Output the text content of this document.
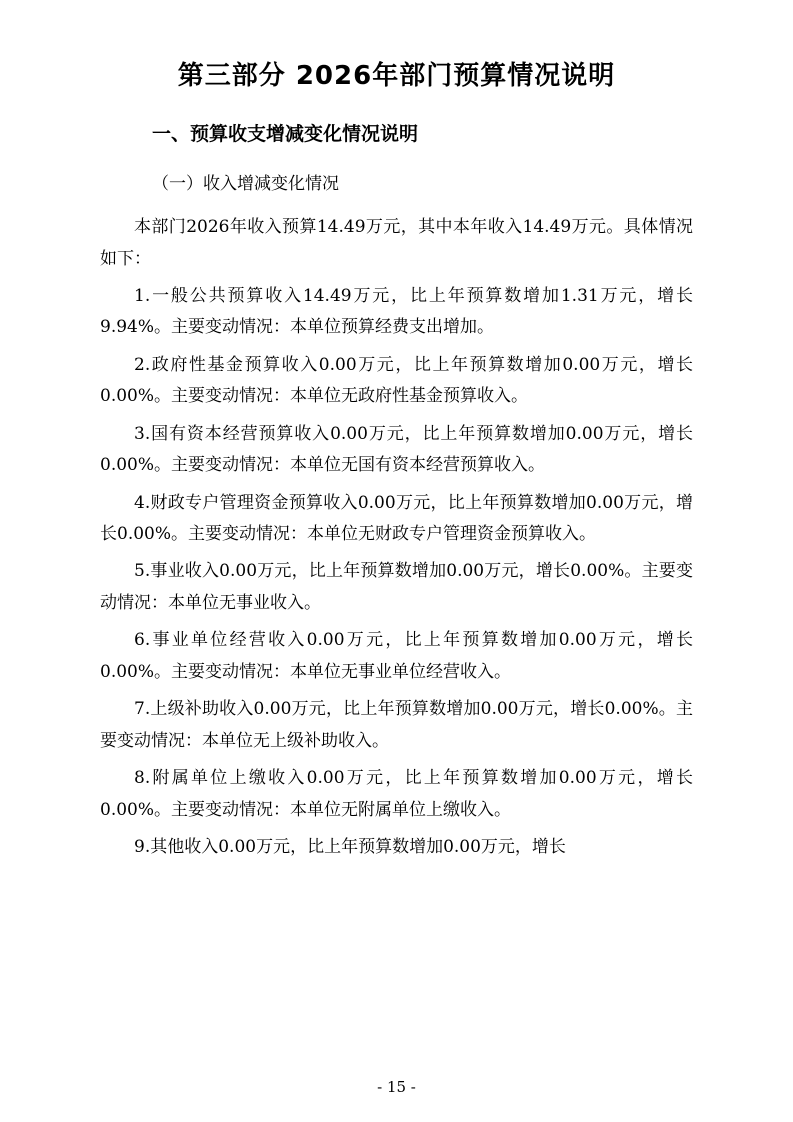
第三部分 2026年部门预算情况说明
一、预算收支增减变化情况说明
（一）收入增减变化情况

本部门2026年收入预算14.49万元，其中本年收入14.49万元。具体情况如下：

1.一般公共预算收入14.49万元，比上年预算数增加1.31万元，增长9.94%。主要变动情况：本单位预算经费支出增加。

2.政府性基金预算收入0.00万元，比上年预算数增加0.00万元，增长0.00%。主要变动情况：本单位无政府性基金预算收入。

3.国有资本经营预算收入0.00万元，比上年预算数增加0.00万元，增长0.00%。主要变动情况：本单位无国有资本经营预算收入。

4.财政专户管理资金预算收入0.00万元，比上年预算数增加0.00万元，增长0.00%。主要变动情况：本单位无财政专户管理资金预算收入。

5.事业收入0.00万元，比上年预算数增加0.00万元，增长0.00%。主要变动情况：本单位无事业收入。

6.事业单位经营收入0.00万元，比上年预算数增加0.00万元，增长0.00%。主要变动情况：本单位无事业单位经营收入。

7.上级补助收入0.00万元，比上年预算数增加0.00万元，增长0.00%。主要变动情况：本单位无上级补助收入。

8.附属单位上缴收入0.00万元，比上年预算数增加0.00万元，增长0.00%。主要变动情况：本单位无附属单位上缴收入。

9.其他收入0.00万元，比上年预算数增加0.00万元，增长

- 15 -
